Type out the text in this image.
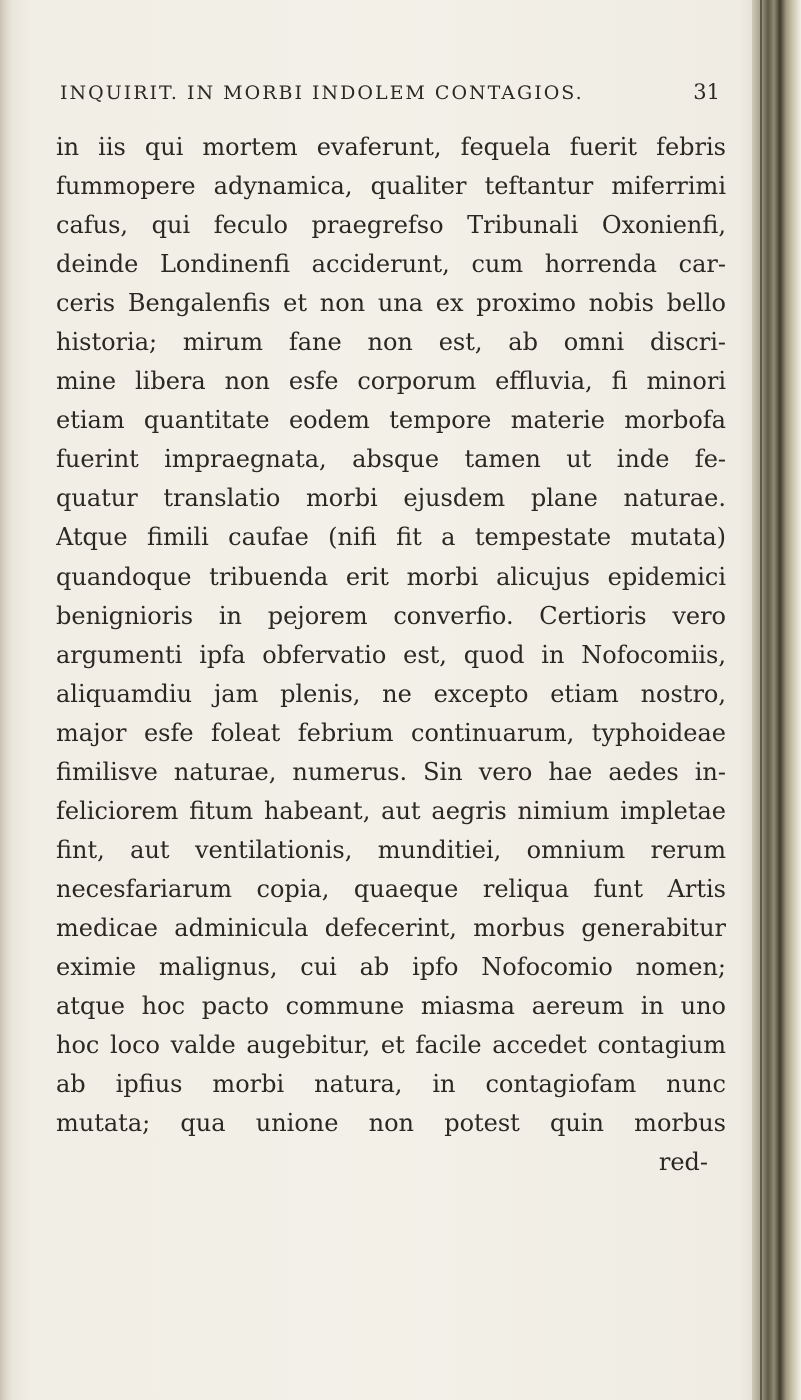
INQUIRIT. IN MORBI INDOLEM CONTAGIOS.	31
in iis qui mortem evaferunt, fequela fuerit febris
fummopere adynamica, qualiter teftantur miferrimi
cafus, qui feculo praegrefso Tribunali Oxonienfi,
deinde Londinenfi acciderunt, cum horrenda car-
ceris Bengalenfis et non una ex proximo nobis bello
historia; mirum fane non est, ab omni discri-
mine libera non esfe corporum effluvia, fi minori
etiam quantitate eodem tempore materie morbofa
fuerint impraegnata, absque tamen ut inde fe-
quatur translatio morbi ejusdem plane naturae.
Atque fimili caufae (nifi fit a tempestate mutata)
quandoque tribuenda erit morbi alicujus epidemici
benignioris in pejorem converfio. Certioris vero
argumenti ipfa obfervatio est, quod in Nofocomiis,
aliquamdiu jam plenis, ne excepto etiam nostro,
major esfe foleat febrium continuarum, typhoideae
fimilisve naturae, numerus. Sin vero hae aedes in-
feliciorem fitum habeant, aut aegris nimium impletae
fint, aut ventilationis, munditiei, omnium rerum
necesfariarum copia, quaeque reliqua funt Artis
medicae adminicula defecerint, morbus generabitur
eximie malignus, cui ab ipfo Nofocomio nomen;
atque hoc pacto commune miasma aereum in uno
hoc loco valde augebitur, et facile accedet contagium
ab ipfius morbi natura, in contagiofam nunc
mutata; qua unione non potest quin morbus
red-
